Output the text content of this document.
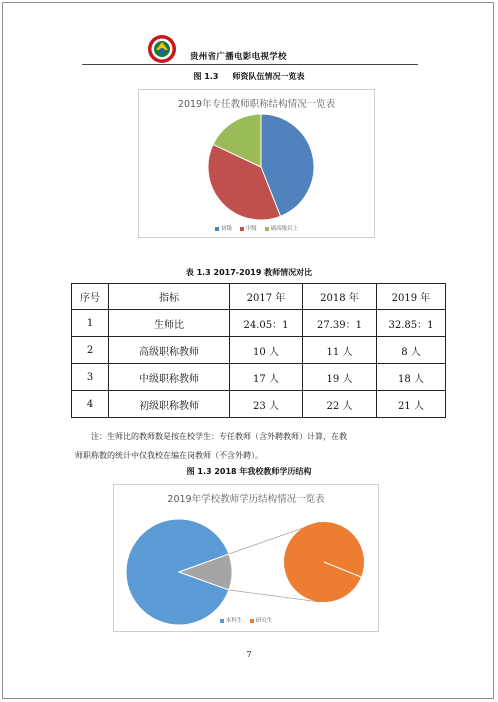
贵州省广播电影电视学校
图 1.3 师资队伍情况一览表
2019年专任教师职称结构情况一览表
初级	中级	副高级以上
表 1.3 2017-2019 教师情况对比
序号	指标	2017 年	2018 年	2019 年
1	生师比	24.05：1	27.39：1	32.85：1
2	高级职称教师	10 人	11 人	8 人
3	中级职称教师	17 人	19 人	18 人
4	初级职称教师	23 人	22 人	21 人
注：生师比的教师数是按在校学生：专任教师（含外聘教师）计算，在教
师职称数的统计中仅我校在编在岗教师（不含外聘）。
图 1.3 2018 年我校教师学历结构
2019年学校教师学历结构情况一览表
本科生	研究生
7
